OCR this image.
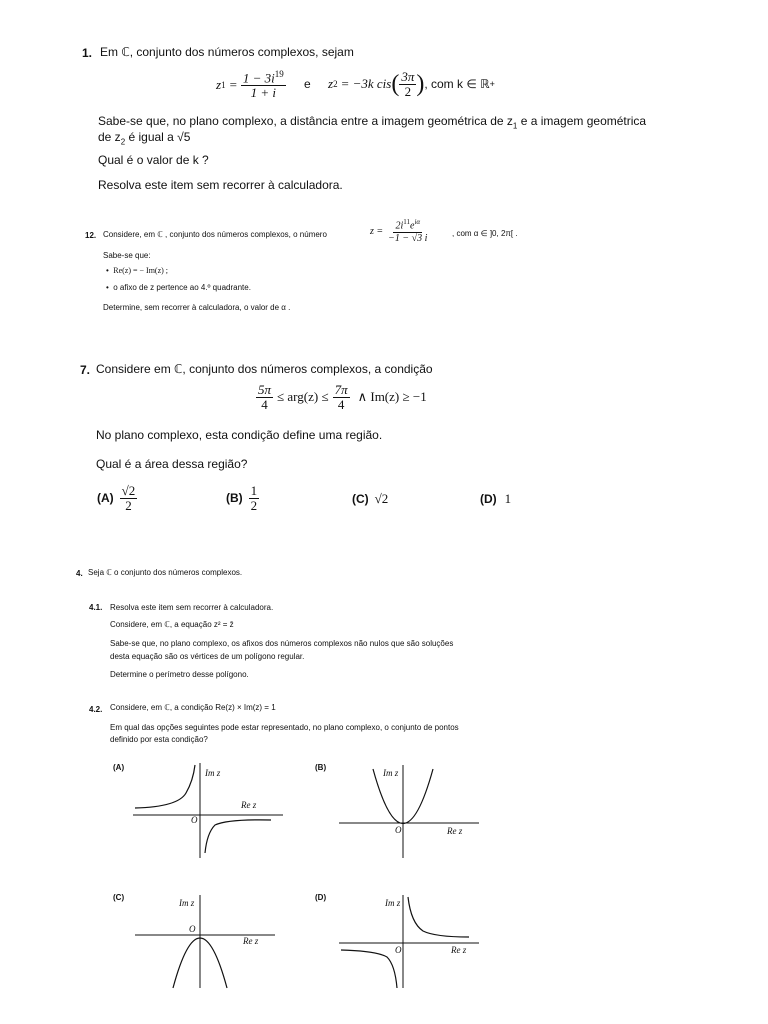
1. Em ℂ, conjunto dos números complexos, sejam
z $1 = \frac{1 - 3i^{19}}{1 + i}$ e z 2 = −3k cis ( $\frac{3\pi}{2}$ ) , com k ∈ ℝ +
Sabe-se que, no plano complexo, a distância entre a imagem geométrica de $z_1$ e a imagem geométrica
de $z_2$ é igual a √5
Qual é o valor de k ?
Resolva este item sem recorrer à calculadora.
12. Considere, em ℂ , conjunto dos números complexos, o número	$z = \frac{2i^{11}e^{i\alpha}}{-1 - √3 i}$	, com α ∈ ]0, 2π[ .
Sabe-se que:
•  Re(z) = − Im(z) ;
•  o afixo de z pertence ao 4.º quadrante.
Determine, sem recorrer à calculadora, o valor de α .
7. Considere em ℂ, conjunto dos números complexos, a condição
$\frac{5\pi}{4} \le arg(z) \le \frac{7\pi}{4}$ ∧ Im(z) ≥ −1
No plano complexo, esta condição define uma região.
Qual é a área dessa região?
$(A) \frac{√2}{2}$	$(B) \frac{1}{2}$	(C) √2	(D) 1
4. Seja ℂ o conjunto dos números complexos.
4.1. Resolva este item sem recorrer à calculadora.
Considere, em ℂ, a equação z² = z̄
Sabe-se que, no plano complexo, os afixos dos números complexos não nulos que são soluções
desta equação são os vértices de um polígono regular.
Determine o perímetro desse polígono.
4.2. Considere, em ℂ, a condição Re(z) × Im(z) = 1
Em qual das opções seguintes pode estar representado, no plano complexo, o conjunto de pontos
definido por esta condição?
(A)
Im z
Re z
O
(B)
Im z
Re z
O
(C)
Im z
Re z
O
(D)
Im z
Re z
O
